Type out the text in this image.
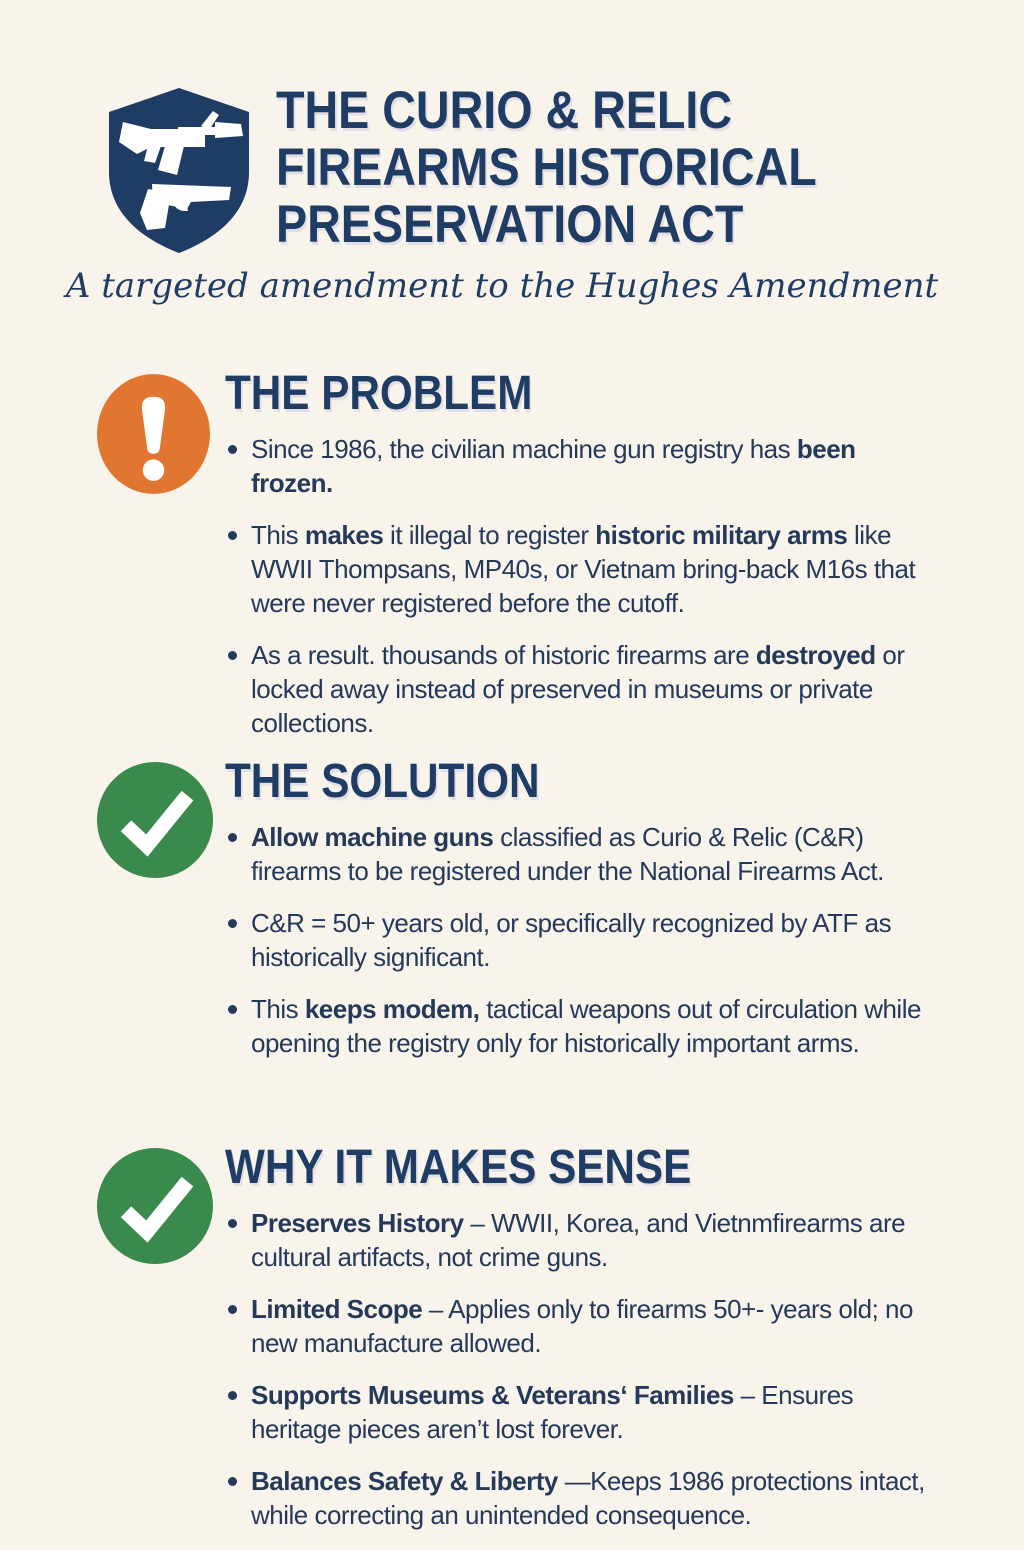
THE CURIO & RELIC
FIREARMS HISTORICAL
PRESERVATION ACT
A targeted amendment to the Hughes Amendment
THE PROBLEM
Since 1986, the civilian machine gun registry has been frozen.
This makes it illegal to register historic military arms like WWII Thompsans, MP40s, or Vietnam bring-back M16s that were never registered before the cutoff.
As a result. thousands of historic firearms are destroyed or locked away instead of preserved in museums or private collections.
THE SOLUTION
Allow machine guns classified as Curio & Relic (C&R) firearms to be registered under the National Firearms Act.
C&R = 50+ years old, or specifically recognized by ATF as historically significant.
This keeps modem, tactical weapons out of circulation while opening the registry only for historically important arms.
WHY IT MAKES SENSE
Preserves History – WWII, Korea, and Vietnmfirearms are cultural artifacts, not crime guns.
Limited Scope – Applies only to firearms 50+- years old; no new manufacture allowed.
Supports Museums & Veterans‘ Families – Ensures heritage pieces aren’t lost forever.
Balances Safety & Liberty —Keeps 1986 protections intact, while correcting an unintended consequence.
